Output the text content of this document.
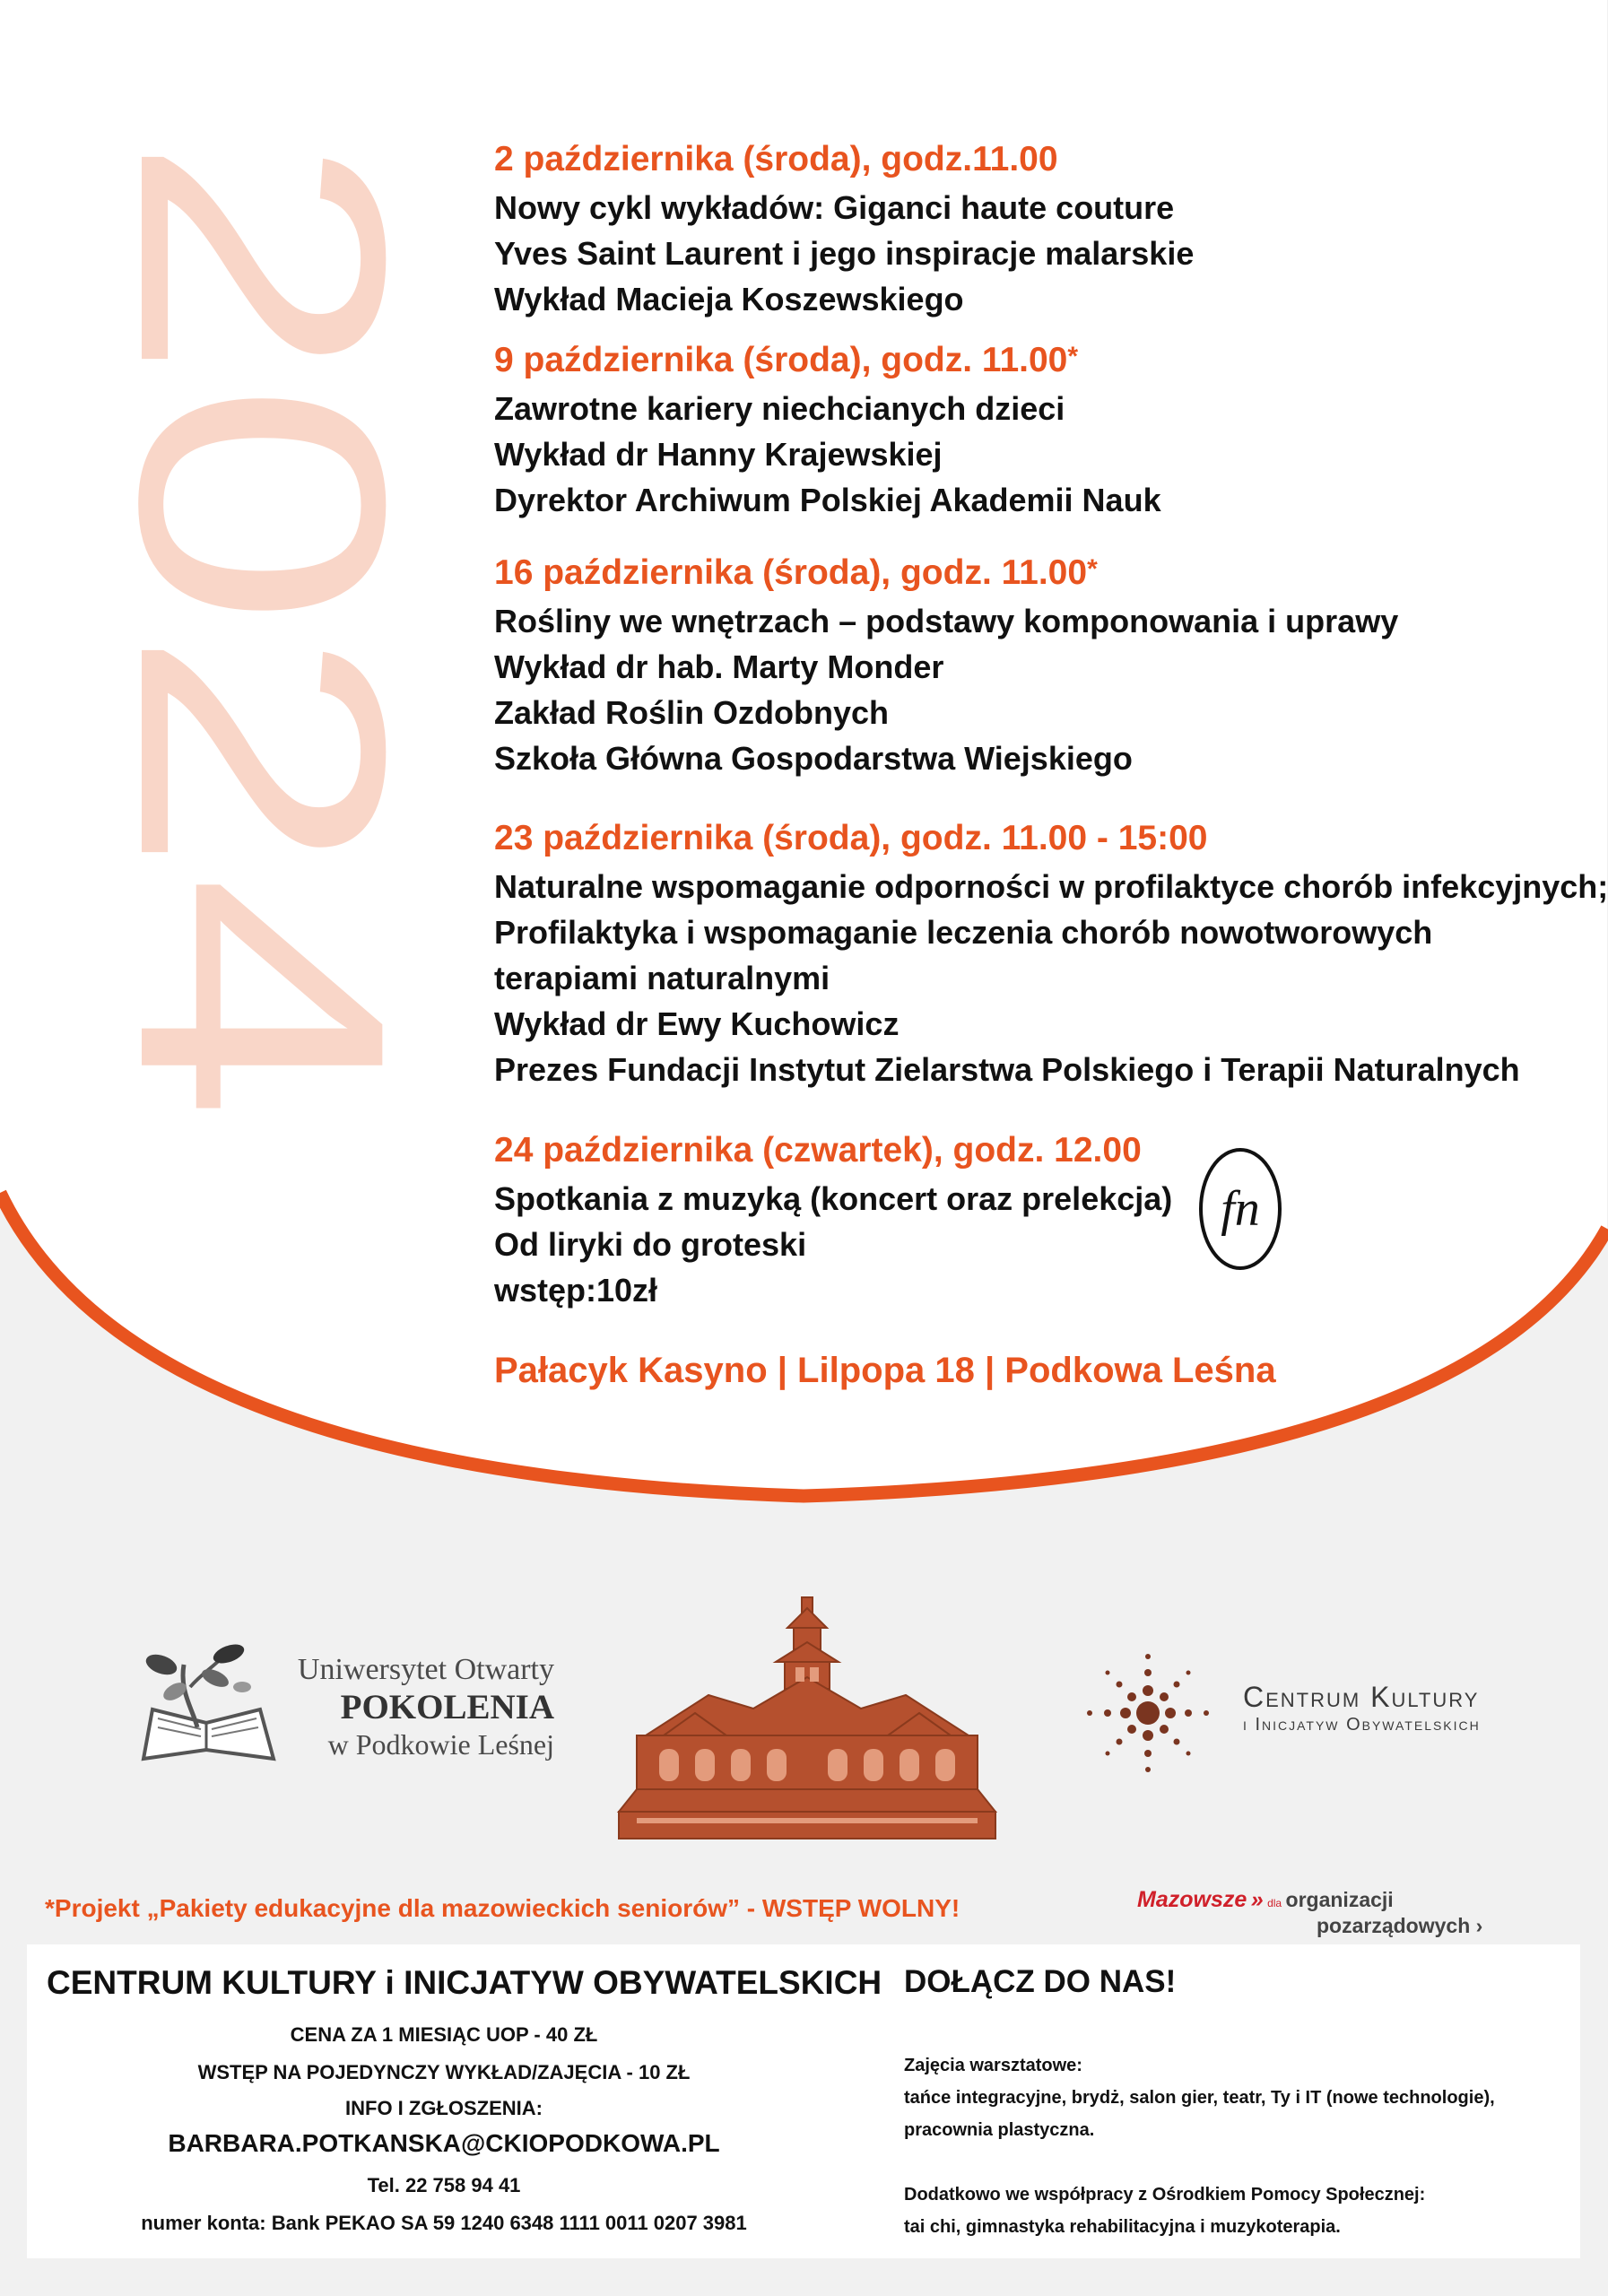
2024 2 października (środa), godz.11.00
Nowy cykl wykładów: Giganci haute couture
Yves Saint Laurent i jego inspiracje malarskie
Wykład Macieja Koszewskiego
9 października (środa), godz. 11.00*
Zawrotne kariery niechcianych dzieci
Wykład dr Hanny Krajewskiej
Dyrektor Archiwum Polskiej Akademii Nauk
16 października (środa), godz. 11.00*
Rośliny we wnętrzach – podstawy komponowania i uprawy
Wykład dr hab. Marty Monder
Zakład Roślin Ozdobnych
Szkoła Główna Gospodarstwa Wiejskiego
23 października (środa), godz. 11.00 - 15:00
Naturalne wspomaganie odporności w profilaktyce chorób infekcyjnych;
Profilaktyka i wspomaganie leczenia chorób nowotworowych
terapiami naturalnymi
Wykład dr Ewy Kuchowicz
Prezes Fundacji Instytut Zielarstwa Polskiego i Terapii Naturalnych
24 października (czwartek), godz. 12.00
Spotkania z muzyką (koncert oraz prelekcja)
Od liryki do groteski
wstęp:10zł
fn
Pałacyk Kasyno | Lilpopa 18 | Podkowa Leśna
Uniwersytet Otwarty
POKOLENIA
w Podkowie Leśnej
Centrum Kultury
i Inicjatyw Obywatelskich
*Projekt „Pakiety edukacyjne dla mazowieckich seniorów” - WSTĘP WOLNY!	Mazowsze » dla organizacji
pozarządowych ›
CENTRUM KULTURY i INICJATYW OBYWATELSKICH
CENA ZA 1 MIESIĄC UOP - 40 ZŁ
WSTĘP NA POJEDYNCZY WYKŁAD/ZAJĘCIA - 10 ZŁ
INFO I ZGŁOSZENIA:
BARBARA.POTKANSKA@CKIOPODKOWA.PL
Tel. 22 758 94 41
numer konta: Bank PEKAO SA 59 1240 6348 1111 0011 0207 3981
DOŁĄCZ DO NAS!
Zajęcia warsztatowe:
tańce integracyjne, brydż, salon gier, teatr, Ty i IT (nowe technologie),
pracownia plastyczna.
Dodatkowo we współpracy z Ośrodkiem Pomocy Społecznej:
tai chi, gimnastyka rehabilitacyjna i muzykoterapia.
